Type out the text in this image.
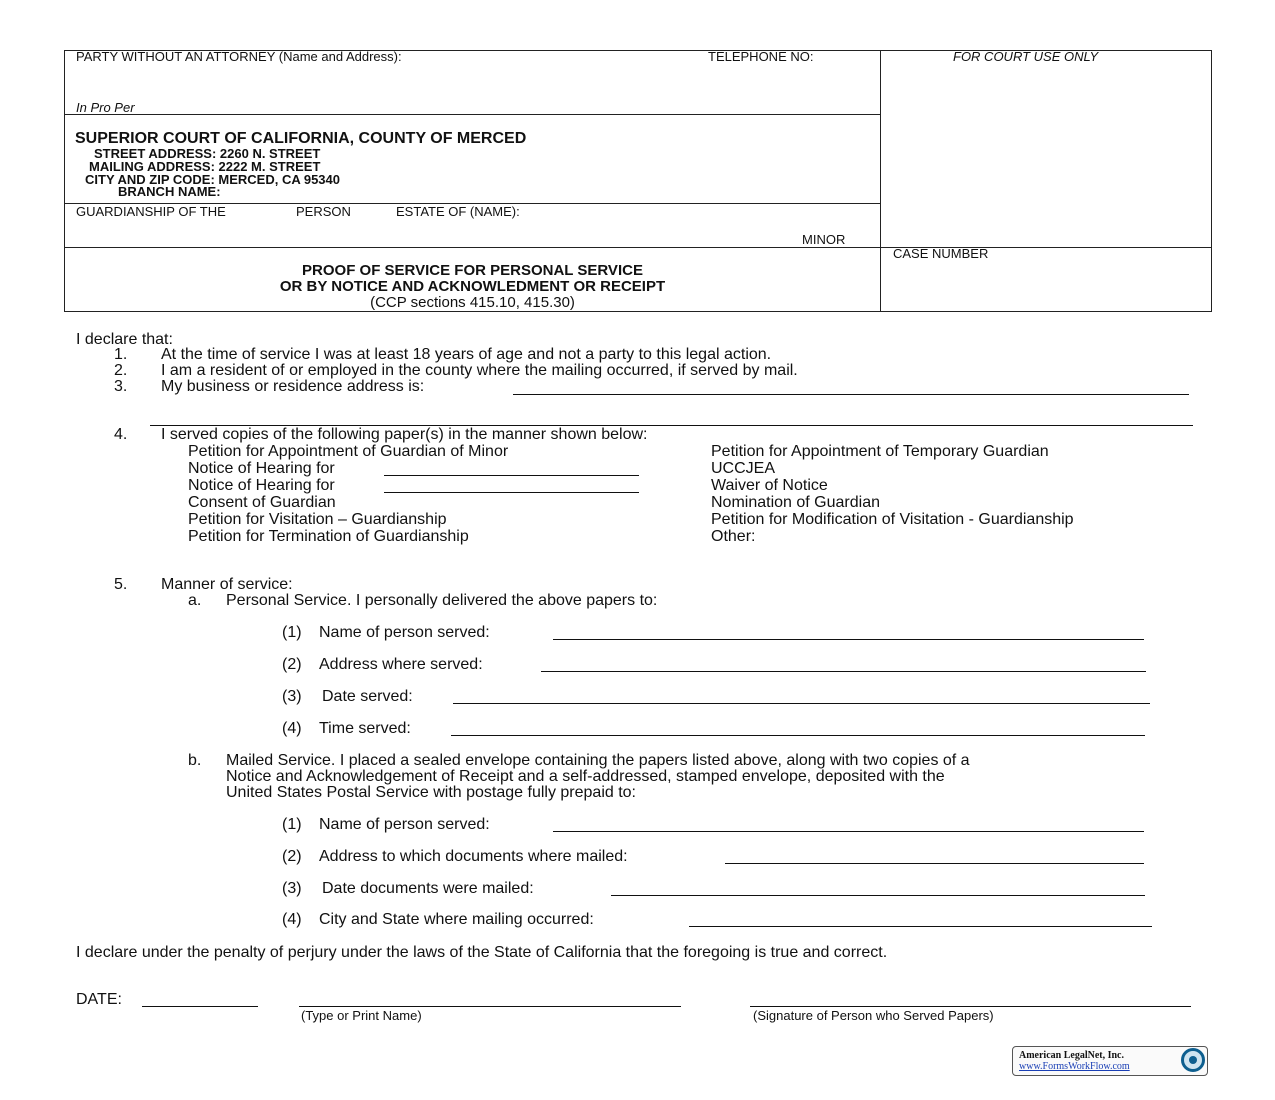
PARTY WITHOUT AN ATTORNEY (Name and Address):	TELEPHONE NO:	FOR COURT USE ONLY
In Pro Per
SUPERIOR COURT OF CALIFORNIA, COUNTY OF MERCED
STREET ADDRESS: 2260 N. STREET
MAILING ADDRESS: 2222 M. STREET
CITY AND ZIP CODE: MERCED, CA 95340
BRANCH NAME:
GUARDIANSHIP OF THE	PERSON	ESTATE OF (NAME):
MINOR
CASE NUMBER
PROOF OF SERVICE FOR PERSONAL SERVICE
OR BY NOTICE AND ACKNOWLEDMENT OR RECEIPT
(CCP sections 415.10, 415.30)
I declare that:
1. At the time of service I was at least 18 years of age and not a party to this legal action.
2. I am a resident of or employed in the county where the mailing occurred, if served by mail.
3. My business or residence address is:
4. I served copies of the following paper(s) in the manner shown below:
Petition for Appointment of Guardian of Minor
Notice of Hearing for
Notice of Hearing for
Consent of Guardian
Petition for Visitation – Guardianship
Petition for Termination of Guardianship
Petition for Appointment of Temporary Guardian
UCCJEA
Waiver of Notice
Nomination of Guardian
Petition for Modification of Visitation - Guardianship
Other:
5. Manner of service:
a. Personal Service. I personally delivered the above papers to:
(1) Name of person served:
(2) Address where served:
(3) Date served:
(4) Time served:
b. Mailed Service. I placed a sealed envelope containing the papers listed above, along with two copies of a
Notice and Acknowledgement of Receipt and a self-addressed, stamped envelope, deposited with the
United States Postal Service with postage fully prepaid to:
(1) Name of person served:
(2) Address to which documents where mailed:
(3) Date documents were mailed:
(4) City and State where mailing occurred:
I declare under the penalty of perjury under the laws of the State of California that the foregoing is true and correct.
DATE:
(Type or Print Name)	(Signature of Person who Served Papers)
American LegalNet, Inc.
www.FormsWorkFlow.com
